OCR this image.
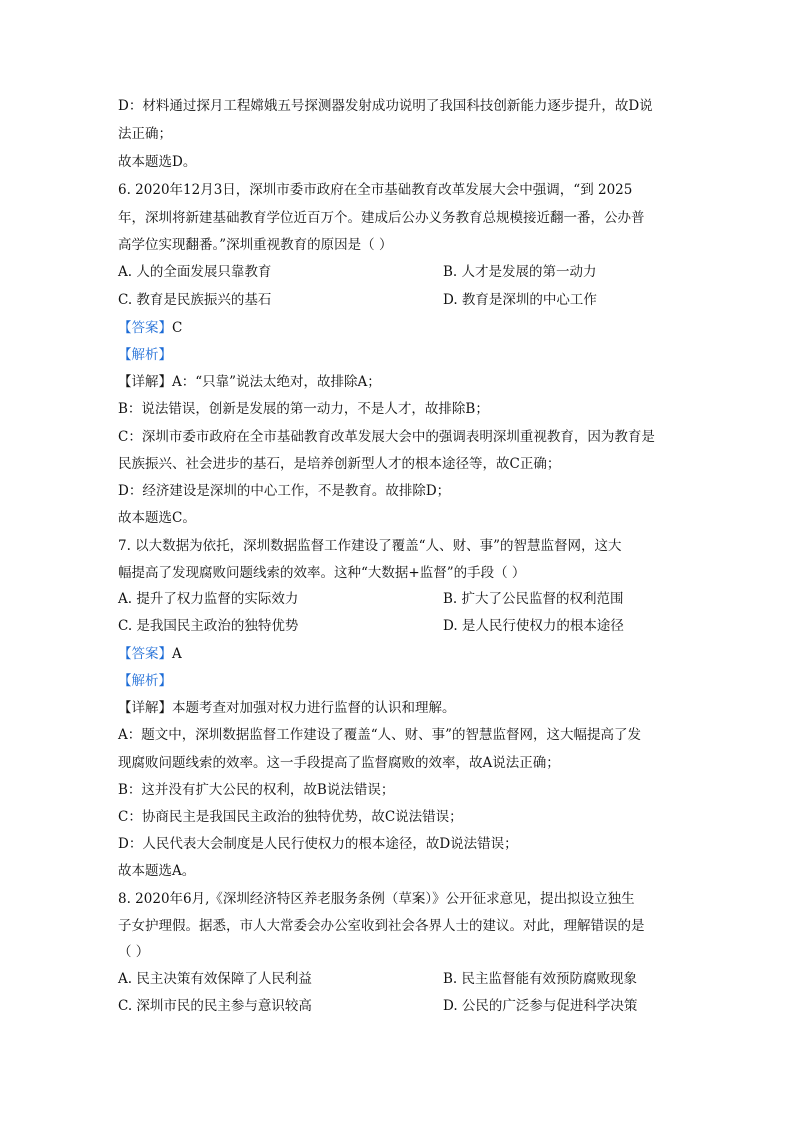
D：材料通过探月工程嫦娥五号探测器发射成功说明了我国科技创新能力逐步提升，故D说
法正确；
故本题选D。
6. 2020年12月3日，深圳市委市政府在全市基础教育改革发展大会中强调，“到 2025
年，深圳将新建基础教育学位近百万个。建成后公办义务教育总规模接近翻一番，公办普
高学位实现翻番。”深圳重视教育的原因是（ ）
A. 人的全面发展只靠教育	B. 人才是发展的第一动力
C. 教育是民族振兴的基石	D. 教育是深圳的中心工作
【答案】C
【解析】
【详解】A：“只靠”说法太绝对，故排除A；
B：说法错误，创新是发展的第一动力，不是人才，故排除B；
C：深圳市委市政府在全市基础教育改革发展大会中的强调表明深圳重视教育，因为教育是
民族振兴、社会进步的基石，是培养创新型人才的根本途径等，故C正确；
D：经济建设是深圳的中心工作，不是教育。故排除D；
故本题选C。
7. 以大数据为依托，深圳数据监督工作建设了覆盖“人、财、事”的智慧监督网，这大
幅提高了发现腐败问题线索的效率。这种“大数据+监督”的手段（ ）
A. 提升了权力监督的实际效力	B. 扩大了公民监督的权利范围
C. 是我国民主政治的独特优势	D. 是人民行使权力的根本途径
【答案】A
【解析】
【详解】本题考查对加强对权力进行监督的认识和理解。
A：题文中，深圳数据监督工作建设了覆盖“人、财、事”的智慧监督网，这大幅提高了发
现腐败问题线索的效率。这一手段提高了监督腐败的效率，故A说法正确；
B：这并没有扩大公民的权利，故B说法错误；
C：协商民主是我国民主政治的独特优势，故C说法错误；
D：人民代表大会制度是人民行使权力的根本途径，故D说法错误；
故本题选A。
8. 2020年6月,《深圳经济特区养老服务条例（草案）》公开征求意见，提出拟设立独生
子女护理假。据悉，市人大常委会办公室收到社会各界人士的建议。对此，理解错误的是
（ ）
A. 民主决策有效保障了人民利益	B. 民主监督能有效预防腐败现象
C. 深圳市民的民主参与意识较高	D. 公民的广泛参与促进科学决策
